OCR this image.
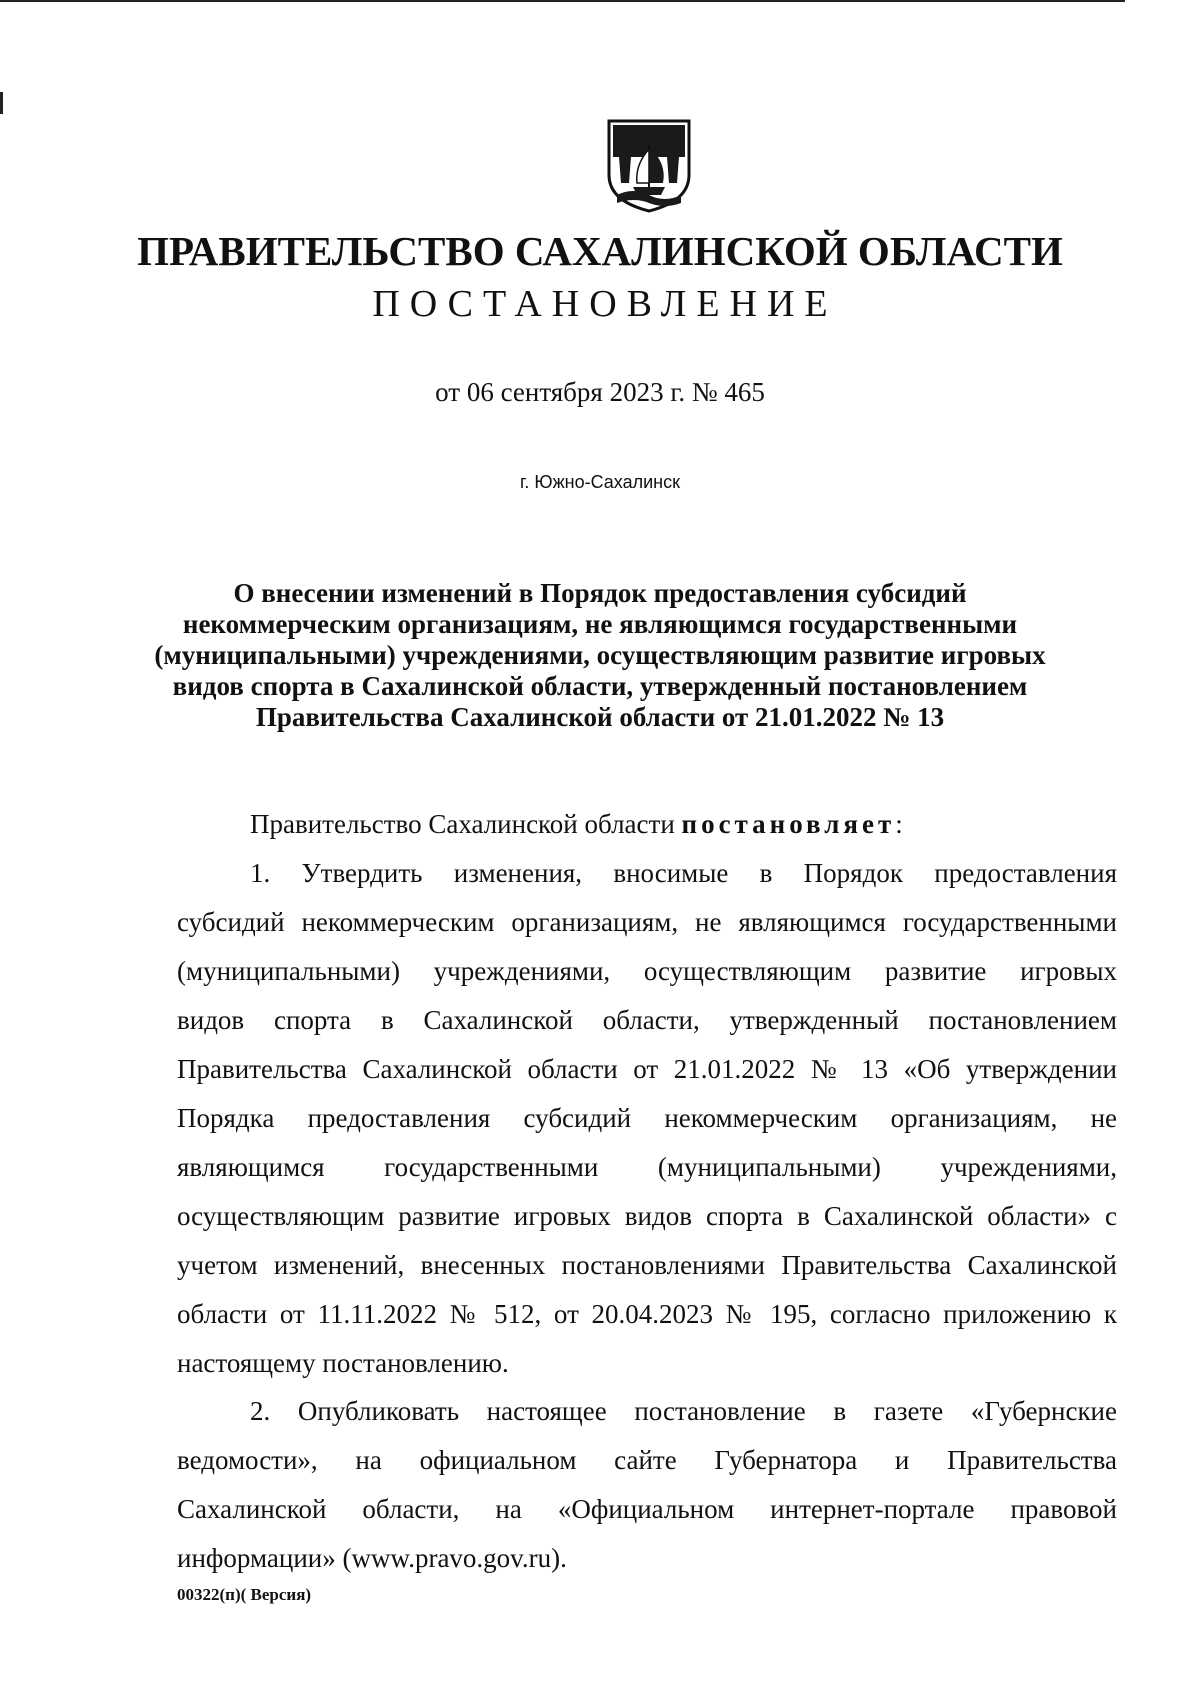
ПРАВИТЕЛЬСТВО САХАЛИНСКОЙ ОБЛАСТИ
ПОСТАНОВЛЕНИЕ
от 06 сентября 2023 г. № 465
г. Южно-Сахалинск
О внесении изменений в Порядок предоставления субсидий
некоммерческим организациям, не являющимся государственными
(муниципальными) учреждениями, осуществляющим развитие игровых
видов спорта в Сахалинской области, утвержденный постановлением
Правительства Сахалинской области от 21.01.2022 № 13
Правительство Сахалинской области постановляет:
1. Утвердить изменения, вносимые в Порядок предоставления
субсидий некоммерческим организациям, не являющимся государственными
(муниципальными) учреждениями, осуществляющим развитие игровых
видов спорта в Сахалинской области, утвержденный постановлением
Правительства Сахалинской области от 21.01.2022 № 13 «Об утверждении
Порядка предоставления субсидий некоммерческим организациям, не
являющимся государственными (муниципальными) учреждениями,
осуществляющим развитие игровых видов спорта в Сахалинской области» с
учетом изменений, внесенных постановлениями Правительства Сахалинской
области от 11.11.2022 № 512, от 20.04.2023 № 195, согласно приложению к
настоящему постановлению.
2. Опубликовать настоящее постановление в газете «Губернские
ведомости», на официальном сайте Губернатора и Правительства
Сахалинской области, на «Официальном интернет-портале правовой
информации» (www.pravo.gov.ru).
00322(п)( Версия)
